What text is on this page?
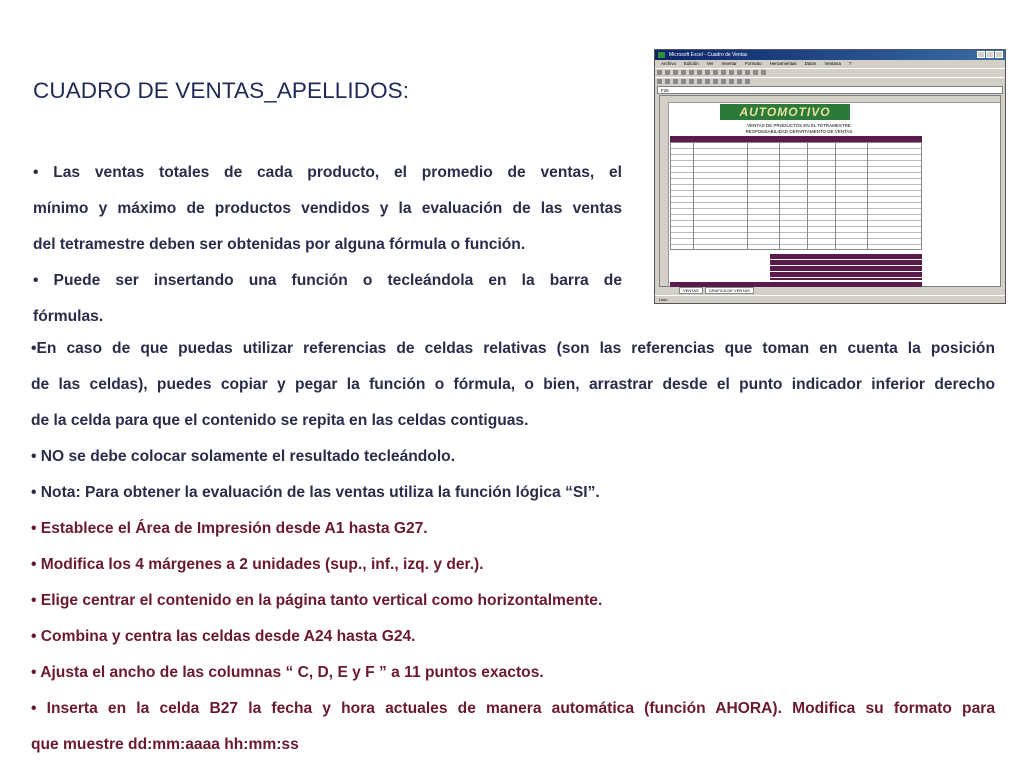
CUADRO DE VENTAS_APELLIDOS:
• Las ventas totales de cada producto, el promedio de ventas, el
mínimo y máximo de productos vendidos y la evaluación de las ventas
del tetramestre deben ser obtenidas por alguna fórmula o función.
• Puede ser insertando una función o tecleándola en la barra de
fórmulas.
Microsoft Excel - Cuadro de Ventas
Archivo Edición Ver Insertar Formato Herramientas Datos Ventana ?
F26
AUTOMOTIVO
VENTAS DE PRODUCTOS EN EL TETRAMESTRE
RESPONSABILIDAD DEPARTAMENTO DE VENTAS
VENTAS	GRAFICA DE VENTAS
Listo
•En caso de que puedas utilizar referencias de celdas relativas (son las referencias que toman en cuenta la posición
de las celdas), puedes copiar y pegar la función o fórmula, o bien, arrastrar desde el punto indicador inferior derecho
de la celda para que el contenido se repita en las celdas contiguas.
• NO se debe colocar solamente el resultado tecleándolo.
• Nota: Para obtener la evaluación de las ventas utiliza la función lógica “SI”.
• Establece el Área de Impresión desde A1 hasta G27.
• Modifica los 4 márgenes a 2 unidades (sup., inf., izq. y der.).
• Elige centrar el contenido en la página tanto vertical como horizontalmente.
• Combina y centra las celdas desde A24 hasta G24.
• Ajusta el ancho de las columnas “ C, D, E y F ” a 11 puntos exactos.
• Inserta en la celda B27 la fecha y hora actuales de manera automática (función AHORA). Modifica su formato para
que muestre dd:mm:aaaa hh:mm:ss
